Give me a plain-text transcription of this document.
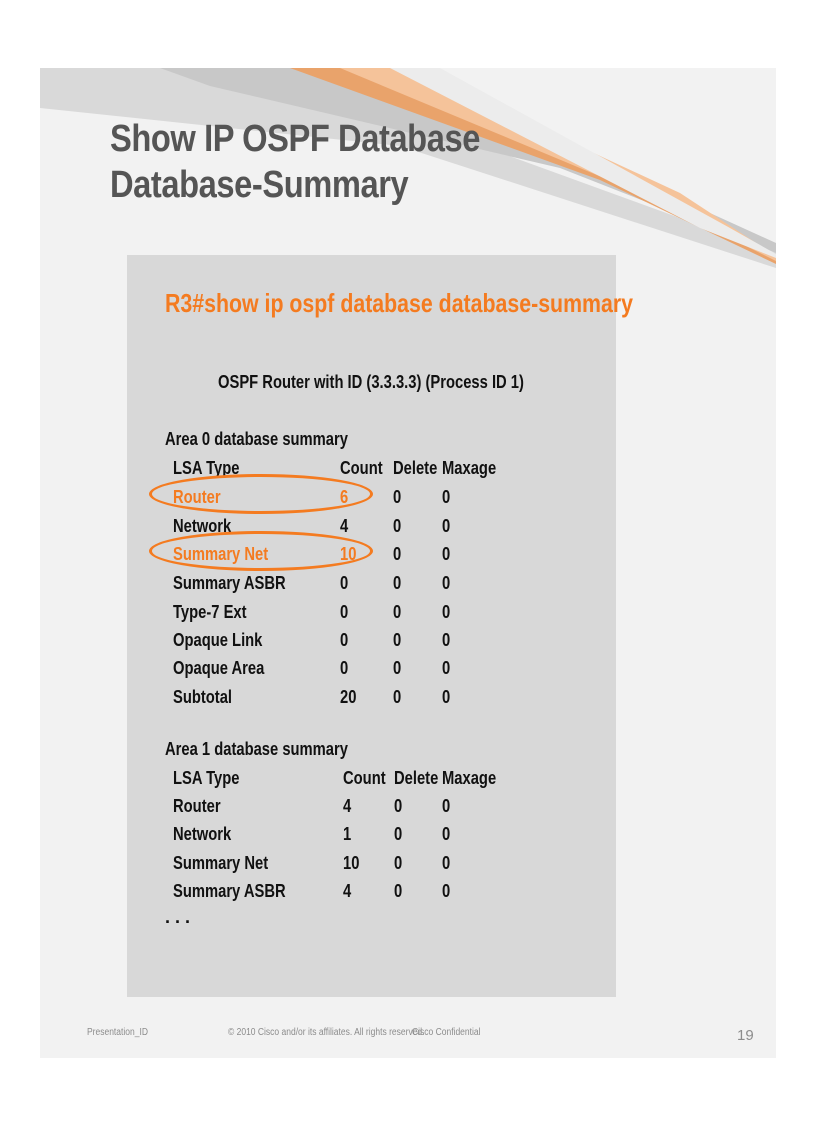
Show IP OSPF Database
Database-Summary
R3#show ip ospf database database-summary
OSPF Router with ID (3.3.3.3) (Process ID 1)
Area 0 database summary
LSA Type	Count Delete Maxage
Router	6 0 0
Network	4 0 0
Summary Net	10 0 0
Summary ASBR	0 0 0
Type-7 Ext	0 0 0
Opaque Link	0 0 0
Opaque Area	0 0 0
Subtotal	20 0 0
Area 1 database summary
LSA Type	Count Delete Maxage
Router	4 0 0
Network	1 0 0
Summary Net	10 0 0
Summary ASBR	4 0 0
. . .
Presentation_ID	© 2010 Cisco and/or its affiliates. All rights reserved.
Cisco Confidential	19
